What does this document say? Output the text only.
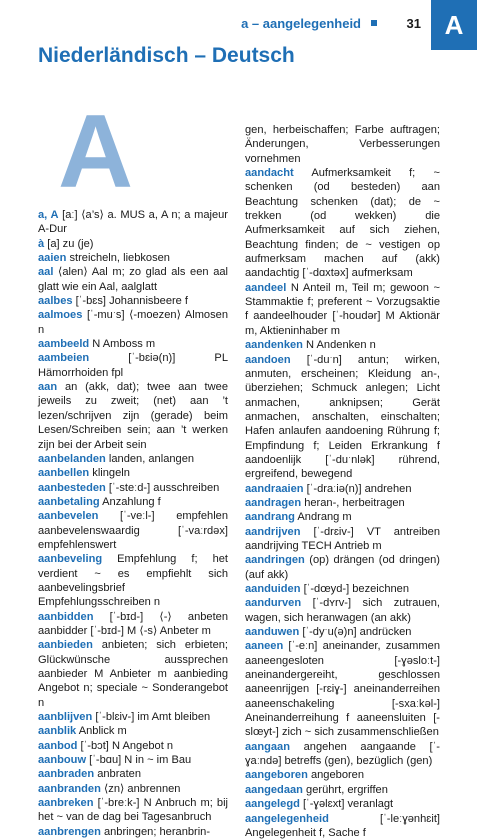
A
a – aangelegenheid	31
Niederländisch – Deutsch
A
a, A [aː] ⟨a’s⟩ a. MUS a, A n; a majeur A-Dur
à [a] zu (je)
aaien streicheln, liebkosen
aal ⟨alen⟩ Aal m; zo glad als een aal glatt wie ein Aal, aalglatt
aalbes [ˈ-bɛs] Johannisbeere f
aalmoes [ˈ-muˑs] ⟨-moezen⟩ Almosen n
aambeeld N Amboss m
aambeien [ˈ-bɛiə(n)] PL Hämorrhoiden fpl
aan an (akk, dat); twee aan twee jeweils zu zweit; (net) aan ’t lezen/schrijven zijn (gerade) beim Lesen/Schreiben sein; aan ’t werken zijn bei der Arbeit sein
aanbelanden landen, anlangen
aanbellen klingeln
aanbesteden [ˈ-steːd-] ausschreiben
aanbetaling Anzahlung f
aanbevelen [ˈ-veːl-] empfehlen aanbevelenswaardig [ˈ-vaːrdəx] empfehlenswert
aanbeveling Empfehlung f; het verdient ~ es empfiehlt sich aanbevelingsbrief Empfehlungsschreiben n
aanbidden [ˈ-bɪd-] ⟨-⟩ anbeten aanbidder [ˈ-bɪd-] M ⟨-s⟩ Anbeter m
aanbieden anbieten; sich erbieten; Glückwünsche aussprechen aanbieder M Anbieter m aanbieding Angebot n; speciale ~ Sonderangebot n
aanblijven [ˈ-blɛiv-] im Amt bleiben
aanblik Anblick m
aanbod [ˈ-bɔt] N Angebot n
aanbouw [ˈ-bɑu] N in ~ im Bau
aanbraden anbraten
aanbranden ⟨zn⟩ anbrennen
aanbreken [ˈ-breːk-] N Anbruch m; bij het ~ van de dag bei Tagesanbruch
aanbrengen anbringen; heranbrin-
gen, herbeischaffen; Farbe auftragen; Änderungen, Verbesserungen vornehmen
aandacht Aufmerksamkeit f; ~ schenken (od besteden) aan Beachtung schenken (dat); de ~ trekken (od wekken) die Aufmerksamkeit auf sich ziehen, Beachtung finden; de ~ vestigen op aufmerksam machen auf (akk) aandachtig [ˈ-dɑxtəx] aufmerksam
aandeel N Anteil m, Teil m; gewoon ~ Stammaktie f; preferent ~ Vorzugsaktie f aandeelhouder [ˈ-houdər] M Aktionär m, Aktieninhaber m
aandenken N Andenken n
aandoen [ˈ-duˑn] antun; wirken, anmuten, erscheinen; Kleidung an-, überziehen; Schmuck anlegen; Licht anmachen, anknipsen; Gerät anmachen, anschalten, einschalten; Hafen anlaufen aandoening Rührung f; Empfindung f; Leiden Erkrankung f aandoenlijk [ˈ-duˑnlək] rührend, ergreifend, bewegend
aandraaien [ˈ-draːiə(n)] andrehen
aandragen heran-, herbeitragen
aandrang Andrang m
aandrijven [ˈ-drɛiv-] VT antreiben aandrijving TECH Antrieb m
aandringen (op) drängen (od dringen) (auf akk)
aanduiden [ˈ-dœyd-] bezeichnen
aandurven [ˈ-dʏrv-] sich zutrauen, wagen, sich heranwagen (an akk)
aanduwen [ˈ-dyˑu(ə)n] andrücken
aaneen [ˈ-eːn] aneinander, zusammen aaneengesloten [-ɣəsloːt-] aneinandergereiht, geschlossen aaneenrijgen [-rɛiɣ-] aneinanderreihen aaneenschakeling [-sxaːkəl-] Aneinanderreihung f aaneensluiten [-slœyt-] zich ~ sich zusammenschließen
aangaan angehen aangaande [ˈ-ɣaːndə] betreffs (gen), bezüglich (gen)
aangeboren angeboren
aangedaan gerührt, ergriffen
aangelegd [ˈ-ɣəlɛxt] veranlagt
aangelegenheid [ˈ-leːɣənhɛit] Angelegenheit f, Sache f
